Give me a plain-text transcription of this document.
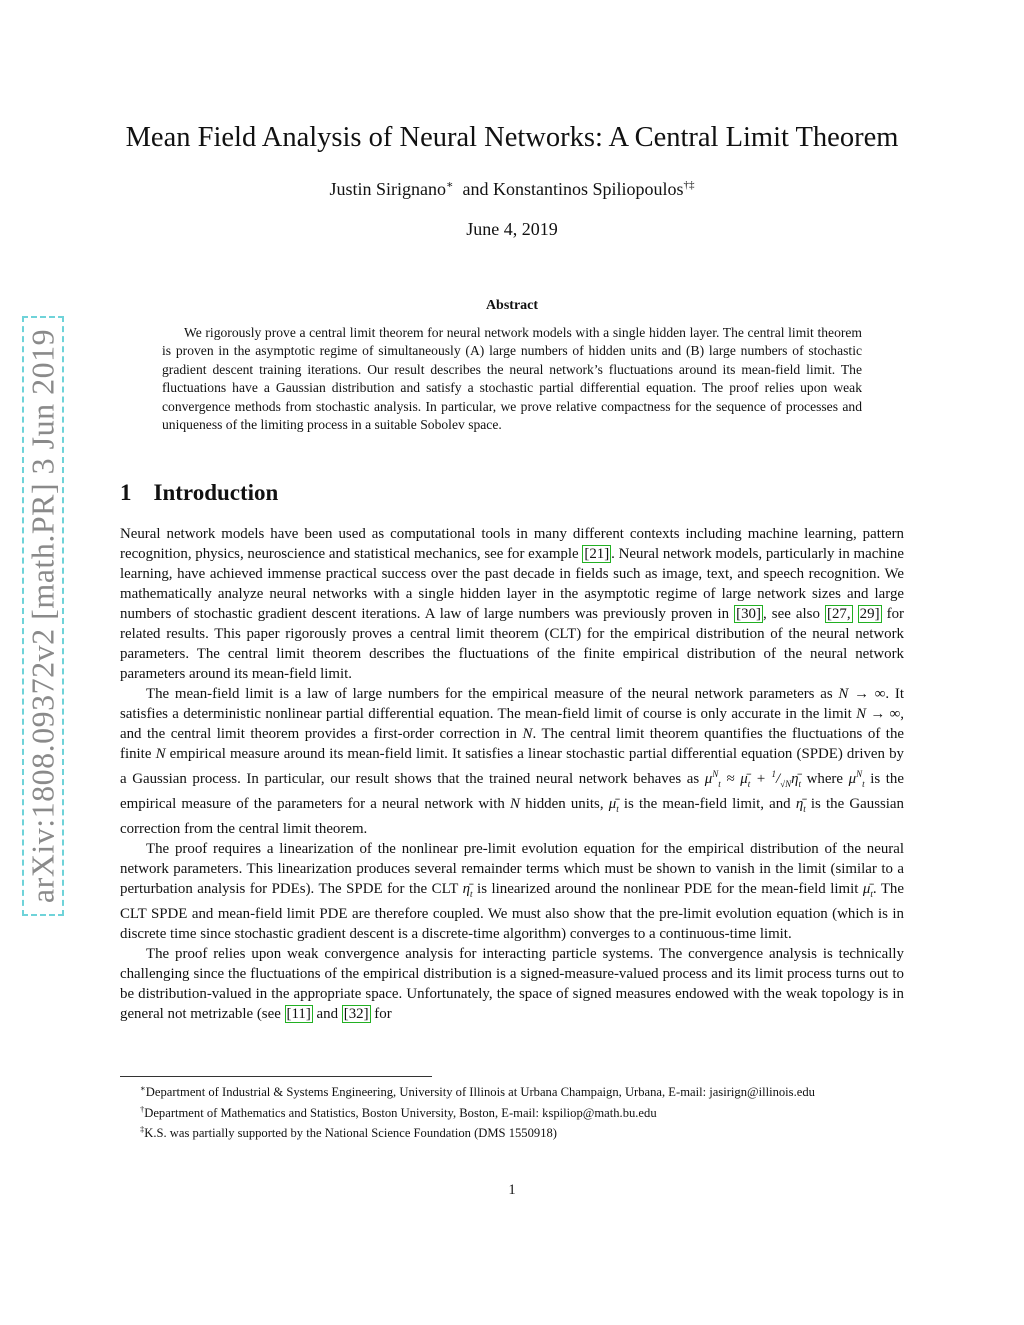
arXiv:1808.09372v2 [math.PR] 3 Jun 2019
Mean Field Analysis of Neural Networks: A Central Limit Theorem
Justin Sirignano∗ and Konstantinos Spiliopoulos†‡
June 4, 2019
Abstract

We rigorously prove a central limit theorem for neural network models with a single hidden layer. The central limit theorem is proven in the asymptotic regime of simultaneously (A) large numbers of hidden units and (B) large numbers of stochastic gradient descent training iterations. Our result describes the neural network’s fluctuations around its mean-field limit. The fluctuations have a Gaussian distribution and satisfy a stochastic partial differential equation. The proof relies upon weak convergence methods from stochastic analysis. In particular, we prove relative compactness for the sequence of processes and uniqueness of the limiting process in a suitable Sobolev space.

1 Introduction

Neural network models have been used as computational tools in many different contexts including machine learning, pattern recognition, physics, neuroscience and statistical mechanics, see for example [21] . Neural network models, particularly in machine learning, have achieved immense practical success over the past decade in fields such as image, text, and speech recognition. We mathematically analyze neural networks with a single hidden layer in the asymptotic regime of large network sizes and large numbers of stochastic gradient descent iterations. A law of large numbers was previously proven in [30] , see also [27, 29] for related results. This paper rigorously proves a central limit theorem (CLT) for the empirical distribution of the neural network parameters. The central limit theorem describes the fluctuations of the finite empirical distribution of the neural network parameters around its mean-field limit.

The mean-field limit is a law of large numbers for the empirical measure of the neural network parameters as N → ∞. It satisfies a deterministic nonlinear partial differential equation. The mean-field limit of course is only accurate in the limit N → ∞, and the central limit theorem provides a first-order correction in N. The central limit theorem quantifies the fluctuations of the finite N empirical measure around its mean-field limit. It satisfies a linear stochastic partial differential equation (SPDE) driven by a Gaussian process. In particular, our result shows that the trained neural network behaves as $\mu^N_t$ ≈ $\mū_t$ + $^1/_{√N}\etā_t$ where $\mu^N_t$ is the empirical measure of the parameters for a neural network with N hidden units, $\mū_t$ is the mean-field limit, and $\etā_t$ is the Gaussian correction from the central limit theorem.

The proof requires a linearization of the nonlinear pre-limit evolution equation for the empirical distribution of the neural network parameters. This linearization produces several remainder terms which must be shown to vanish in the limit (similar to a perturbation analysis for PDEs). The SPDE for the CLT $\etā_t$ is linearized around the nonlinear PDE for the mean-field limit $\mū_t$. The CLT SPDE and mean-field limit PDE are therefore coupled. We must also show that the pre-limit evolution equation (which is in discrete time since stochastic gradient descent is a discrete-time algorithm) converges to a continuous-time limit.

The proof relies upon weak convergence analysis for interacting particle systems. The convergence analysis is technically challenging since the fluctuations of the empirical distribution is a signed-measure-valued process and its limit process turns out to be distribution-valued in the appropriate space. Unfortunately, the space of signed measures endowed with the weak topology is in general not metrizable (see [11] and [32] for

∗Department of Industrial & Systems Engineering, University of Illinois at Urbana Champaign, Urbana, E-mail: jasirign@illinois.edu

†Department of Mathematics and Statistics, Boston University, Boston, E-mail: kspiliop@math.bu.edu

‡K.S. was partially supported by the National Science Foundation (DMS 1550918)

1
